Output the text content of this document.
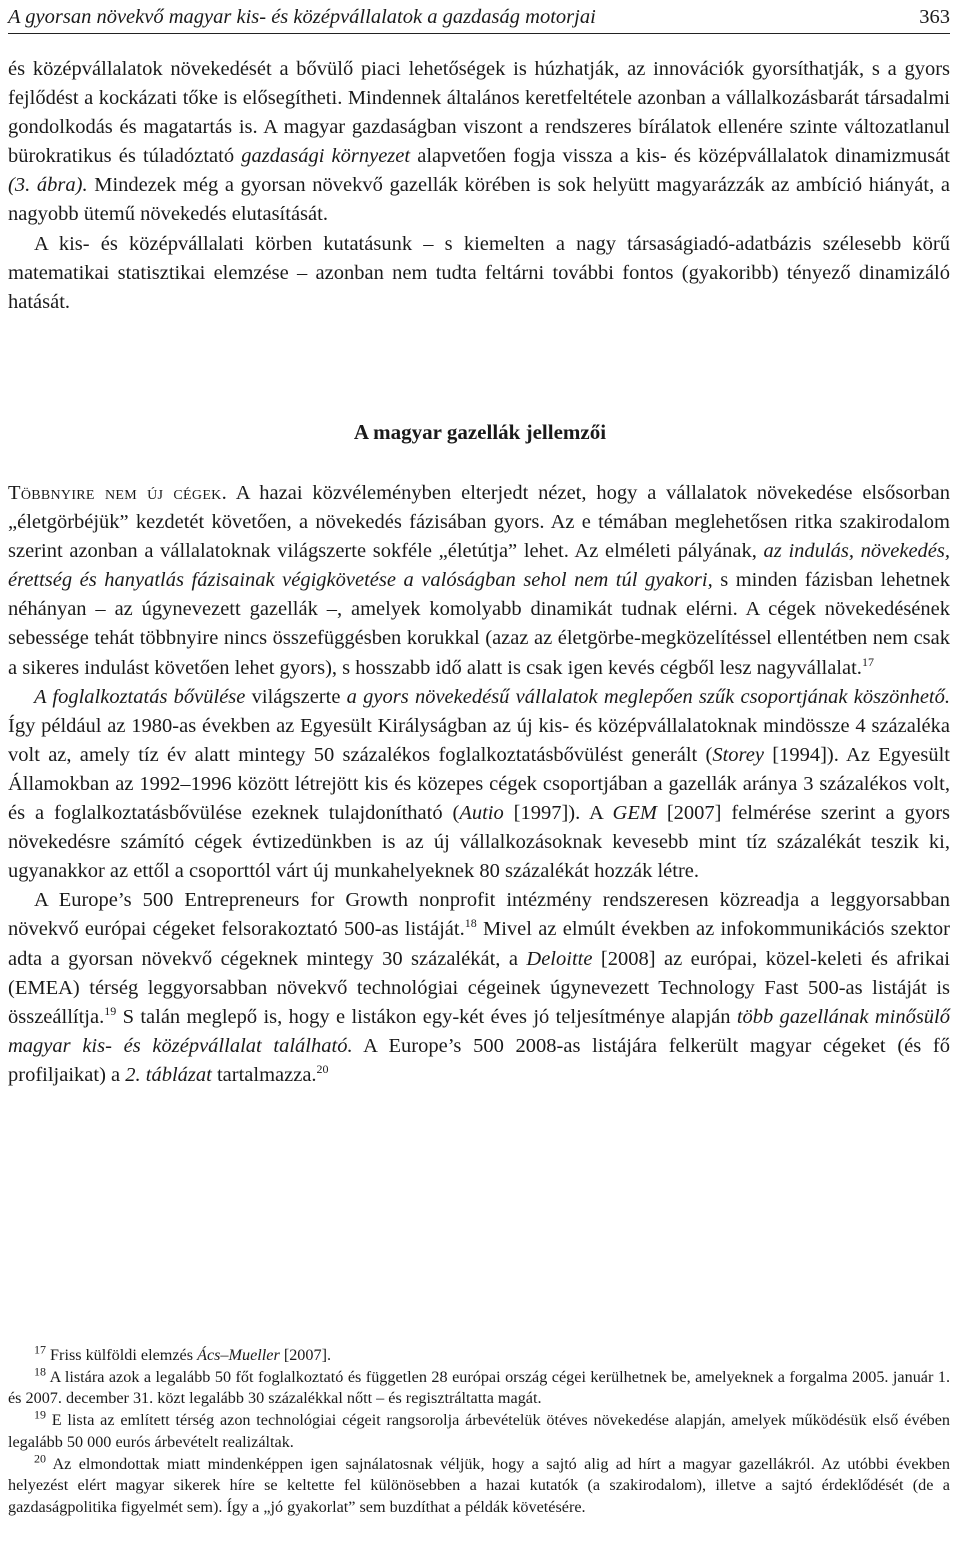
A gyorsan növekvő magyar kis- és középvállalatok a gazdaság motorjai	363

és középvállalatok növekedését a bővülő piaci lehetőségek is húzhatják, az innovációk gyorsíthatják, s a gyors fejlődést a kockázati tőke is elősegítheti. Mindennek általános keretfeltétele azonban a vállalkozásbarát társadalmi gondolkodás és magatartás is. A magyar gazdaságban viszont a rendszeres bírálatok ellenére szinte változatlanul bürokratikus és túladóztató gazdasági környezet alapvetően fogja vissza a kis- és középvállalatok dinamizmusát (3. ábra). Mindezek még a gyorsan növekvő gazellák körében is sok helyütt magyarázzák az ambíció hiányát, a nagyobb ütemű növekedés elutasítását.

A kis- és középvállalati körben kutatásunk – s kiemelten a nagy társaságiadó-adatbázis szélesebb körű matematikai statisztikai elemzése – azonban nem tudta feltárni további fontos (gyakoribb) tényező dinamizáló hatását.

A magyar gazellák jellemzői

Többnyire nem új cégek. A hazai közvéleményben elterjedt nézet, hogy a vállalatok növekedése elsősorban „életgörbéjük” kezdetét követően, a növekedés fázisában gyors. Az e témában meglehetősen ritka szakirodalom szerint azonban a vállalatoknak világszerte sokféle „életútja” lehet. Az elméleti pályának, az indulás, növekedés, érettség és hanyatlás fázisainak végigkövetése a valóságban sehol nem túl gyakori, s minden fázisban lehetnek néhányan – az úgynevezett gazellák –, amelyek komolyabb dinamikát tudnak elérni. A cégek növekedésének sebessége tehát többnyire nincs összefüggésben korukkal (azaz az életgörbe-megközelítéssel ellentétben nem csak a sikeres indulást követően lehet gyors), s hosszabb idő alatt is csak igen kevés cégből lesz nagyvállalat.$^{17}$

A foglalkoztatás bővülése világszerte a gyors növekedésű vállalatok meglepően szűk csoportjának köszönhető. Így például az 1980-as években az Egyesült Királyságban az új kis- és középvállalatoknak mindössze 4 százaléka volt az, amely tíz év alatt mintegy 50 százalékos foglalkoztatásbővülést generált (Storey [1994]). Az Egyesült Államokban az 1992–1996 között létrejött kis és közepes cégek csoportjában a gazellák aránya 3 százalékos volt, és a foglalkoztatásbővülése ezeknek tulajdonítható (Autio [1997]). A GEM [2007] felmérése szerint a gyors növekedésre számító cégek évtizedünkben is az új vállalkozásoknak kevesebb mint tíz százalékát teszik ki, ugyanakkor az ettől a csoporttól várt új munkahelyeknek 80 százalékát hozzák létre.

A Europe’s 500 Entrepreneurs for Growth nonprofit intézmény rendszeresen közreadja a leggyorsabban növekvő európai cégeket felsorakoztató 500-as listáját.$^{18}$ Mivel az elmúlt években az infokommunikációs szektor adta a gyorsan növekvő cégeknek mintegy 30 százalékát, a Deloitte [2008] az európai, közel-keleti és afrikai (EMEA) térség leggyorsabban növekvő technológiai cégeinek úgynevezett Technology Fast 500-as listáját is összeállítja.$^{19}$ S talán meglepő is, hogy e listákon egy-két éves jó teljesítménye alapján több gazellának minősülő magyar kis- és középvállalat található. A Europe’s 500 2008-as listájára felkerült magyar cégeket (és fő profiljaikat) a 2. táblázat tartalmazza.$^{20}$

$^{17}$ Friss külföldi elemzés Ács–Mueller [2007].

$^{18}$ A listára azok a legalább 50 főt foglalkoztató és független 28 európai ország cégei kerülhetnek be, amelyeknek a forgalma 2005. január 1. és 2007. december 31. közt legalább 30 százalékkal nőtt – és regisztráltatta magát.

$^{19}$ E lista az említett térség azon technológiai cégeit rangsorolja árbevételük ötéves növekedése alapján, amelyek működésük első évében legalább 50 000 eurós árbevételt realizáltak.

$^{20}$ Az elmondottak miatt mindenképpen igen sajnálatosnak véljük, hogy a sajtó alig ad hírt a magyar gazellákról. Az utóbbi években helyezést elért magyar sikerek híre se keltette fel különösebben a hazai kutatók (a szakirodalom), illetve a sajtó érdeklődését (de a gazdaságpolitika figyelmét sem). Így a „jó gyakorlat” sem buzdíthat a példák követésére.
